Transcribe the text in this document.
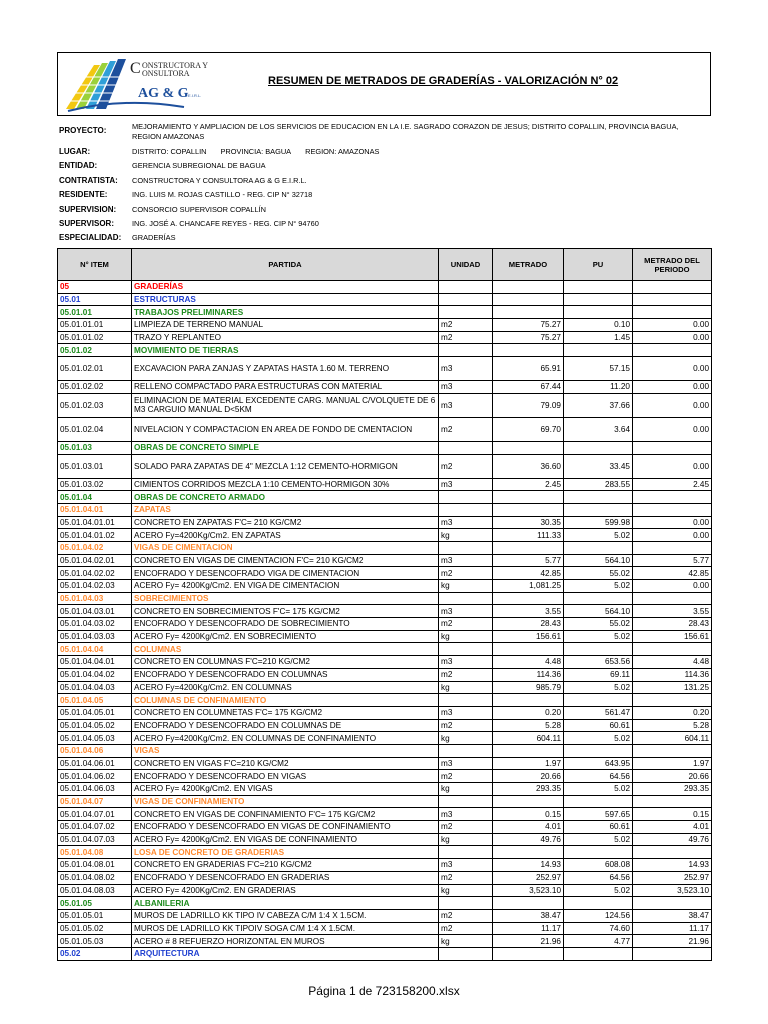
C ONSTRUCTORA Y
ONSULTORA
AG & G E.I.R.L.
RESUMEN DE METRADOS DE GRADERÍAS - VALORIZACIÓN N° 02
PROYECTO:	MEJORAMIENTO Y AMPLIACION DE LOS SERVICIOS DE EDUCACION EN LA I.E. SAGRADO CORAZON DE JESUS; DISTRITO COPALLIN, PROVINCIA BAGUA, REGION AMAZONAS
LUGAR:	DISTRITO: COPALLIN PROVINCIA: BAGUA REGION: AMAZONAS
ENTIDAD:	GERENCIA SUBREGIONAL DE BAGUA
CONTRATISTA: CONSTRUCTORA Y CONSULTORA AG & G E.I.R.L.
RESIDENTE:	ING. LUIS M. ROJAS CASTILLO - REG. CIP N° 32718
SUPERVISION: CONSORCIO SUPERVISOR COPALLÍN
SUPERVISOR: ING. JOSÉ A. CHANCAFE REYES - REG. CIP N° 94760
ESPECIALIDAD: GRADERÍAS
N° ITEM	PARTIDA	UNIDAD	METRADO	PU	METRADO DEL PERIODO
05	GRADERÍAS				
05.01	ESTRUCTURAS				
05.01.01	TRABAJOS PRELIMINARES				
05.01.01.01	LIMPIEZA DE TERRENO MANUAL	m2	75.27	0.10	0.00
05.01.01.02	TRAZO Y REPLANTEO	m2	75.27	1.45	0.00
05.01.02	MOVIMIENTO DE TIERRAS				
05.01.02.01	EXCAVACION PARA ZANJAS Y ZAPATAS HASTA 1.60 M. TERRENO	m3	65.91	57.15	0.00
05.01.02.02	RELLENO COMPACTADO PARA ESTRUCTURAS CON MATERIAL	m3	67.44	11.20	0.00
05.01.02.03	ELIMINACION DE MATERIAL EXCEDENTE CARG. MANUAL C/VOLQUETE DE 6 M3 CARGUIO MANUAL D<5KM	m3	79.09	37.66	0.00
05.01.02.04	NIVELACION Y COMPACTACION EN AREA DE FONDO DE CMENTACION	m2	69.70	3.64	0.00
05.01.03	OBRAS DE CONCRETO SIMPLE				
05.01.03.01	SOLADO PARA ZAPATAS DE 4" MEZCLA 1:12 CEMENTO-HORMIGON	m2	36.60	33.45	0.00
05.01.03.02	CIMIENTOS CORRIDOS MEZCLA 1:10 CEMENTO-HORMIGON 30%	m3	2.45	283.55	2.45
05.01.04	OBRAS DE CONCRETO ARMADO				
05.01.04.01	ZAPATAS				
05.01.04.01.01	CONCRETO EN ZAPATAS F'C= 210 KG/CM2	m3	30.35	599.98	0.00
05.01.04.01.02	ACERO Fy=4200Kg/Cm2. EN ZAPATAS	kg	111.33	5.02	0.00
05.01.04.02	VIGAS DE CIMENTACION				
05.01.04.02.01	CONCRETO EN VIGAS DE CIMENTACION F'C= 210 KG/CM2	m3	5.77	564.10	5.77
05.01.04.02.02	ENCOFRADO Y DESENCOFRADO VIGA DE CIMENTACION	m2	42.85	55.02	42.85
05.01.04.02.03	ACERO Fy= 4200Kg/Cm2. EN VIGA DE CIMENTACION	kg	1,081.25	5.02	0.00
05.01.04.03	SOBRECIMIENTOS				
05.01.04.03.01	CONCRETO EN SOBRECIMIENTOS F'C= 175 KG/CM2	m3	3.55	564.10	3.55
05.01.04.03.02	ENCOFRADO Y DESENCOFRADO DE SOBRECIMIENTO	m2	28.43	55.02	28.43
05.01.04.03.03	ACERO Fy= 4200Kg/Cm2. EN SOBRECIMIENTO	kg	156.61	5.02	156.61
05.01.04.04	COLUMNAS				
05.01.04.04.01	CONCRETO EN COLUMNAS F'C=210 KG/CM2	m3	4.48	653.56	4.48
05.01.04.04.02	ENCOFRADO Y DESENCOFRADO EN COLUMNAS	m2	114.36	69.11	114.36
05.01.04.04.03	ACERO Fy=4200Kg/Cm2. EN COLUMNAS	kg	985.79	5.02	131.25
05.01.04.05	COLUMNAS DE CONFINAMIENTO				
05.01.04.05.01	CONCRETO EN COLUMNETAS F'C= 175 KG/CM2	m3	0.20	561.47	0.20
05.01.04.05.02	ENCOFRADO Y DESENCOFRADO EN COLUMNAS DE	m2	5.28	60.61	5.28
05.01.04.05.03	ACERO Fy=4200Kg/Cm2. EN COLUMNAS DE CONFINAMIENTO	kg	604.11	5.02	604.11
05.01.04.06	VIGAS				
05.01.04.06.01	CONCRETO EN VIGAS F'C=210 KG/CM2	m3	1.97	643.95	1.97
05.01.04.06.02	ENCOFRADO Y DESENCOFRADO EN VIGAS	m2	20.66	64.56	20.66
05.01.04.06.03	ACERO Fy= 4200Kg/Cm2. EN VIGAS	kg	293.35	5.02	293.35
05.01.04.07	VIGAS DE CONFINAMIENTO				
05.01.04.07.01	CONCRETO EN VIGAS DE CONFINAMIENTO F'C= 175 KG/CM2	m3	0.15	597.65	0.15
05.01.04.07.02	ENCOFRADO Y DESENCOFRADO EN VIGAS DE CONFINAMIENTO	m2	4.01	60.61	4.01
05.01.04.07.03	ACERO Fy= 4200Kg/Cm2. EN VIGAS DE CONFINAMIENTO	kg	49.76	5.02	49.76
05.01.04.08	LOSA DE CONCRETO DE GRADERIAS				
05.01.04.08.01	CONCRETO EN GRADERIAS F'C=210 KG/CM2	m3	14.93	608.08	14.93
05.01.04.08.02	ENCOFRADO Y DESENCOFRADO EN GRADERIAS	m2	252.97	64.56	252.97
05.01.04.08.03	ACERO Fy= 4200Kg/Cm2. EN GRADERIAS	kg	3,523.10	5.02	3,523.10
05.01.05	ALBANILERIA				
05.01.05.01	MUROS DE LADRILLO KK TIPO IV CABEZA C/M 1:4 X 1.5CM.	m2	38.47	124.56	38.47
05.01.05.02	MUROS DE LADRILLO KK TIPOIV SOGA C/M 1:4 X 1.5CM.	m2	11.17	74.60	11.17
05.01.05.03	ACERO # 8 REFUERZO HORIZONTAL EN MUROS	kg	21.96	4.77	21.96
05.02	ARQUITECTURA				
Página 1 de 723158200.xlsx
